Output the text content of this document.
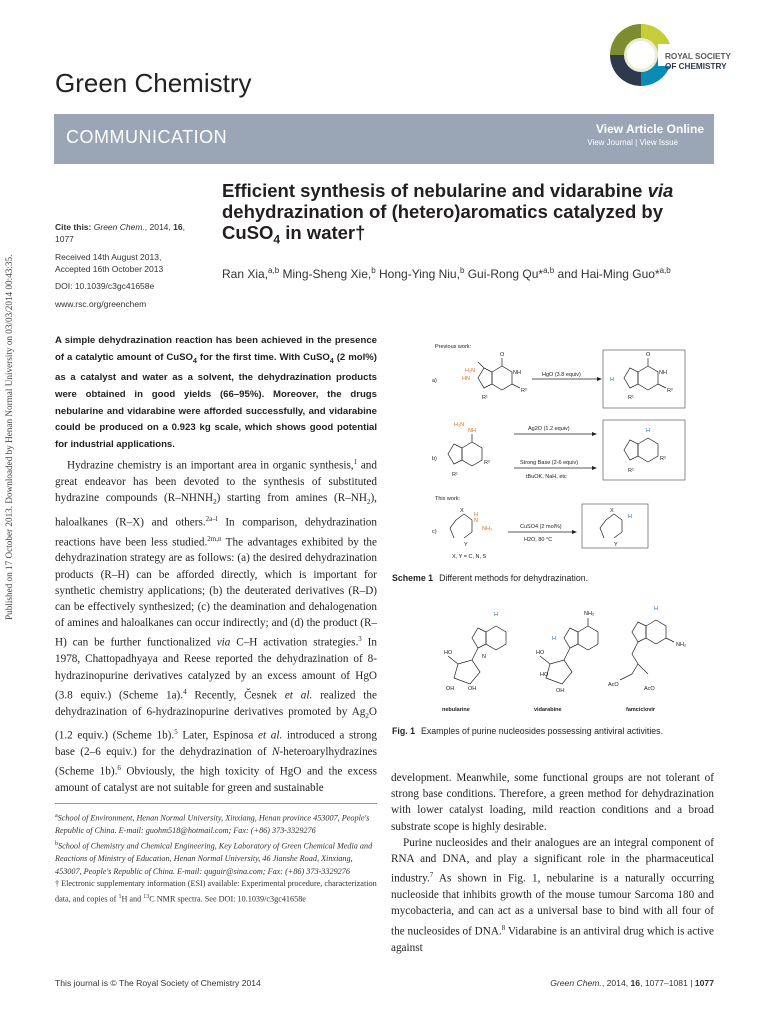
Published on 17 October 2013. Downloaded by Henan Normal University on 03/03/2014 00:43:35.
Green Chemistry
ROYAL SOCIETY
OF CHEMISTRY
COMMUNICATION	View Article Online
View Journal | View Issue
Efficient synthesis of nebularine and vidarabine via dehydrazination of (hetero)aromatics catalyzed by CuSO$_4$ in water†
Ran Xia,$^{a,b}$ Ming-Sheng Xie,$^b$ Hong-Ying Niu,$^b$ Gui-Rong Qu*$^{a,b}$ and Hai-Ming Guo*$^{a,b}$
Cite this: Green Chem., 2014, 16, 1077
Received 14th August 2013,
Accepted 16th October 2013
DOI: 10.1039/c3gc41658e
www.rsc.org/greenchem
A simple dehydrazination reaction has been achieved in the presence of a catalytic amount of CuSO$_4$ for the first time. With CuSO$_4$ (2 mol%) as a catalyst and water as a solvent, the dehydrazination products were obtained in good yields (66–95%). Moreover, the drugs nebularine and vidarabine were afforded successfully, and vidarabine could be produced on a 0.923 kg scale, which shows good potential for industrial applications.

Hydrazine chemistry is an important area in organic synthesis,$^1$ and great endeavor has been devoted to the synthesis of substituted hydrazine compounds $(R-NHNH_2)$ starting from amines $(R-NH_2)$, haloalkanes (R–X) and others.$^{2a-l}$ In comparison, dehydrazination reactions have been less studied.$^{2m,n}$ The advantages exhibited by the dehydrazination strategy are as follows: (a) the desired dehydrazination products (R–H) can be afforded directly, which is important for synthetic chemistry applications; (b) the deuterated derivatives (R–D) can be effectively synthesized; (c) the deamination and dehalogenation of amines and haloalkanes can occur indirectly; and (d) the product (R–H) can be further functionalized via C–H activation strategies.$^3$ In 1978, Chattopadhyaya and Reese reported the dehydrazination of 8-hydrazinopurine derivatives catalyzed by an excess amount of HgO (3.8 equiv.) (Scheme 1a).$^4$ Recently, Česnek et al. realized the dehydrazination of 6-hydrazinopurine derivatives promoted by $Ag_2O$ (1.2 equiv.) (Scheme 1b).$^5$ Later, Espinosa et al. introduced a strong base (2–6 equiv.) for the dehydrazination of N-heteroarylhydrazines (Scheme 1b).$^6$ Obviously, the high toxicity of HgO and the excess amount of catalyst are not suitable for green and sustainable

$^a$School of Environment, Henan Normal University, Xinxiang, Henan province 453007, People's Republic of China. E-mail: guohm518@hotmail.com; Fax: (+86) 373-3329276

$^b$School of Chemistry and Chemical Engineering, Key Laboratory of Green Chemical Media and Reactions of Ministry of Education, Henan Normal University, 46 Jianshe Road, Xinxiang, 453007, People's Republic of China. E-mail: quguir@sina.com; Fax: (+86) 373-3329276

† Electronic supplementary information (ESI) available: Experimental procedure, characterization data, and copies of $^1$H and $^{13}$C NMR spectra. See DOI: 10.1039/c3gc41658e

Previous work:
a)
b)
This work:
c)
H₂N
HN
O
NH
R²
R¹
HgO (3.8 equiv)
O
NH
R²
R¹
H
H₂N
NH
R²
R¹
Ag2O (1.2 equiv)
Strong Base (2-6 equiv)
tBuOK, NaH, etc
H
R²
R¹
X
Y
H
N
NH₂	CuSO4 (2 mol%)
H2O, 80 °C
X
Y
H
X, Y = C, N, S
Scheme 1 Different methods for dehydrazination.
HO
OH	OH
N
HO
HO
OH
NH₂
NH₂
AcO
AcO
H
H
H
nebularine	vidarabine	famciclovir
Fig. 1 Examples of purine nucleosides possessing antiviral activities.

development. Meanwhile, some functional groups are not tolerant of strong base conditions. Therefore, a green method for dehydrazination with lower catalyst loading, mild reaction conditions and a broad substrate scope is highly desirable.

Purine nucleosides and their analogues are an integral component of RNA and DNA, and play a significant role in the pharmaceutical industry.$^7$ As shown in Fig. 1, nebularine is a naturally occurring nucleoside that inhibits growth of the mouse tumour Sarcoma 180 and mycobacteria, and can act as a universal base to bind with all four of the nucleosides of DNA.$^8$ Vidarabine is an antiviral drug which is active against

This journal is © The Royal Society of Chemistry 2014	Green Chem., 2014, 16, 1077–1081 | 1077
